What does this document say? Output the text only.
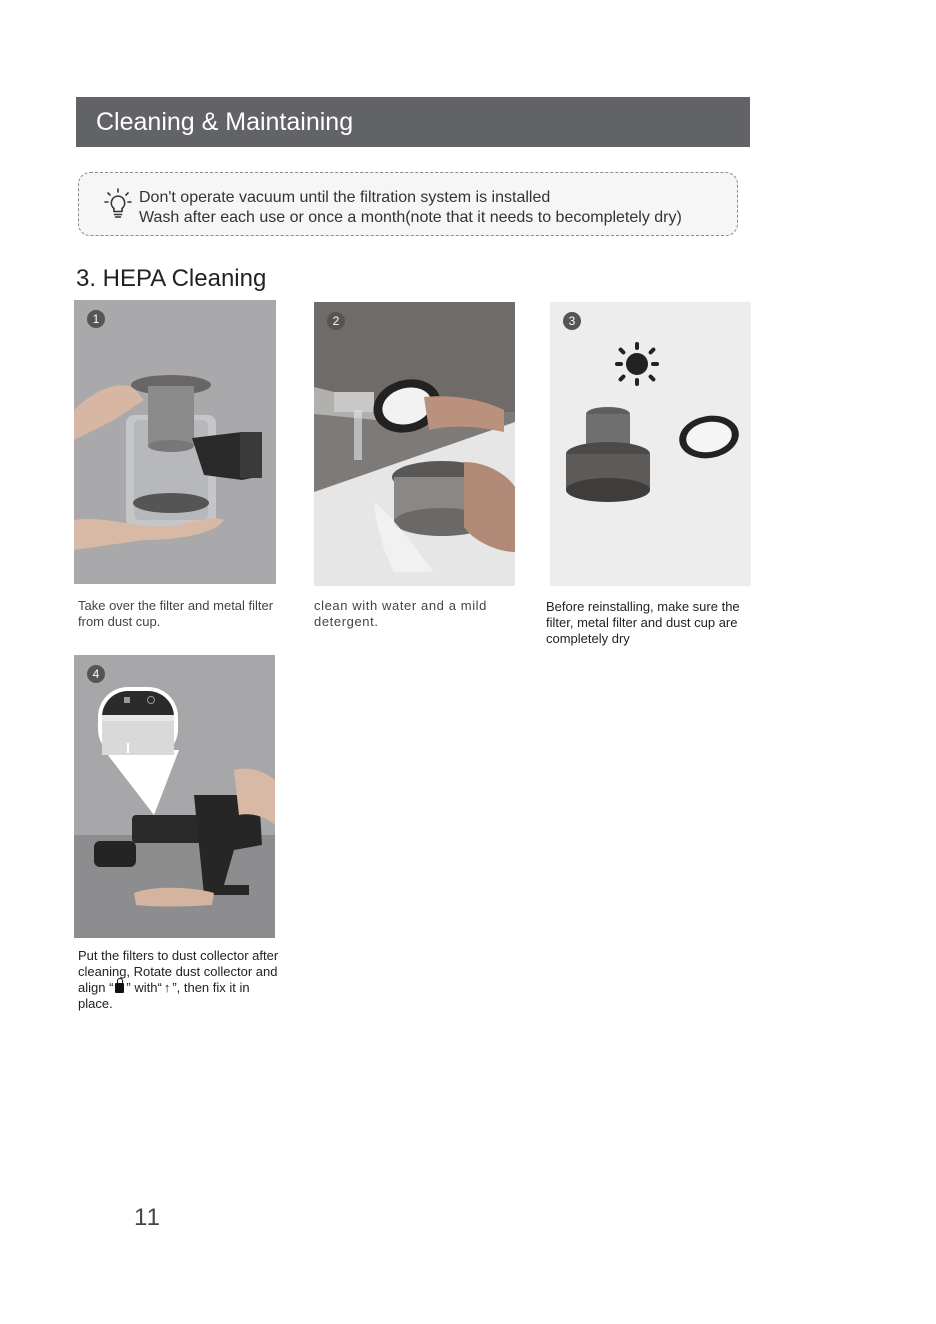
Cleaning & Maintaining
Don't operate vacuum until the filtration system is installed
Wash after each use or once a month(note that it needs to becompletely dry)
3. HEPA Cleaning
1	2	3
Take over the filter and metal filter from dust cup.
clean with water and a mild detergent.
Before reinstalling, make sure the filter, metal filter and dust cup are completely dry
4
Put the filters to dust collector after cleaning, Rotate dust collector and align “ ” with“ ↑ ”, then fix it in place.
11
